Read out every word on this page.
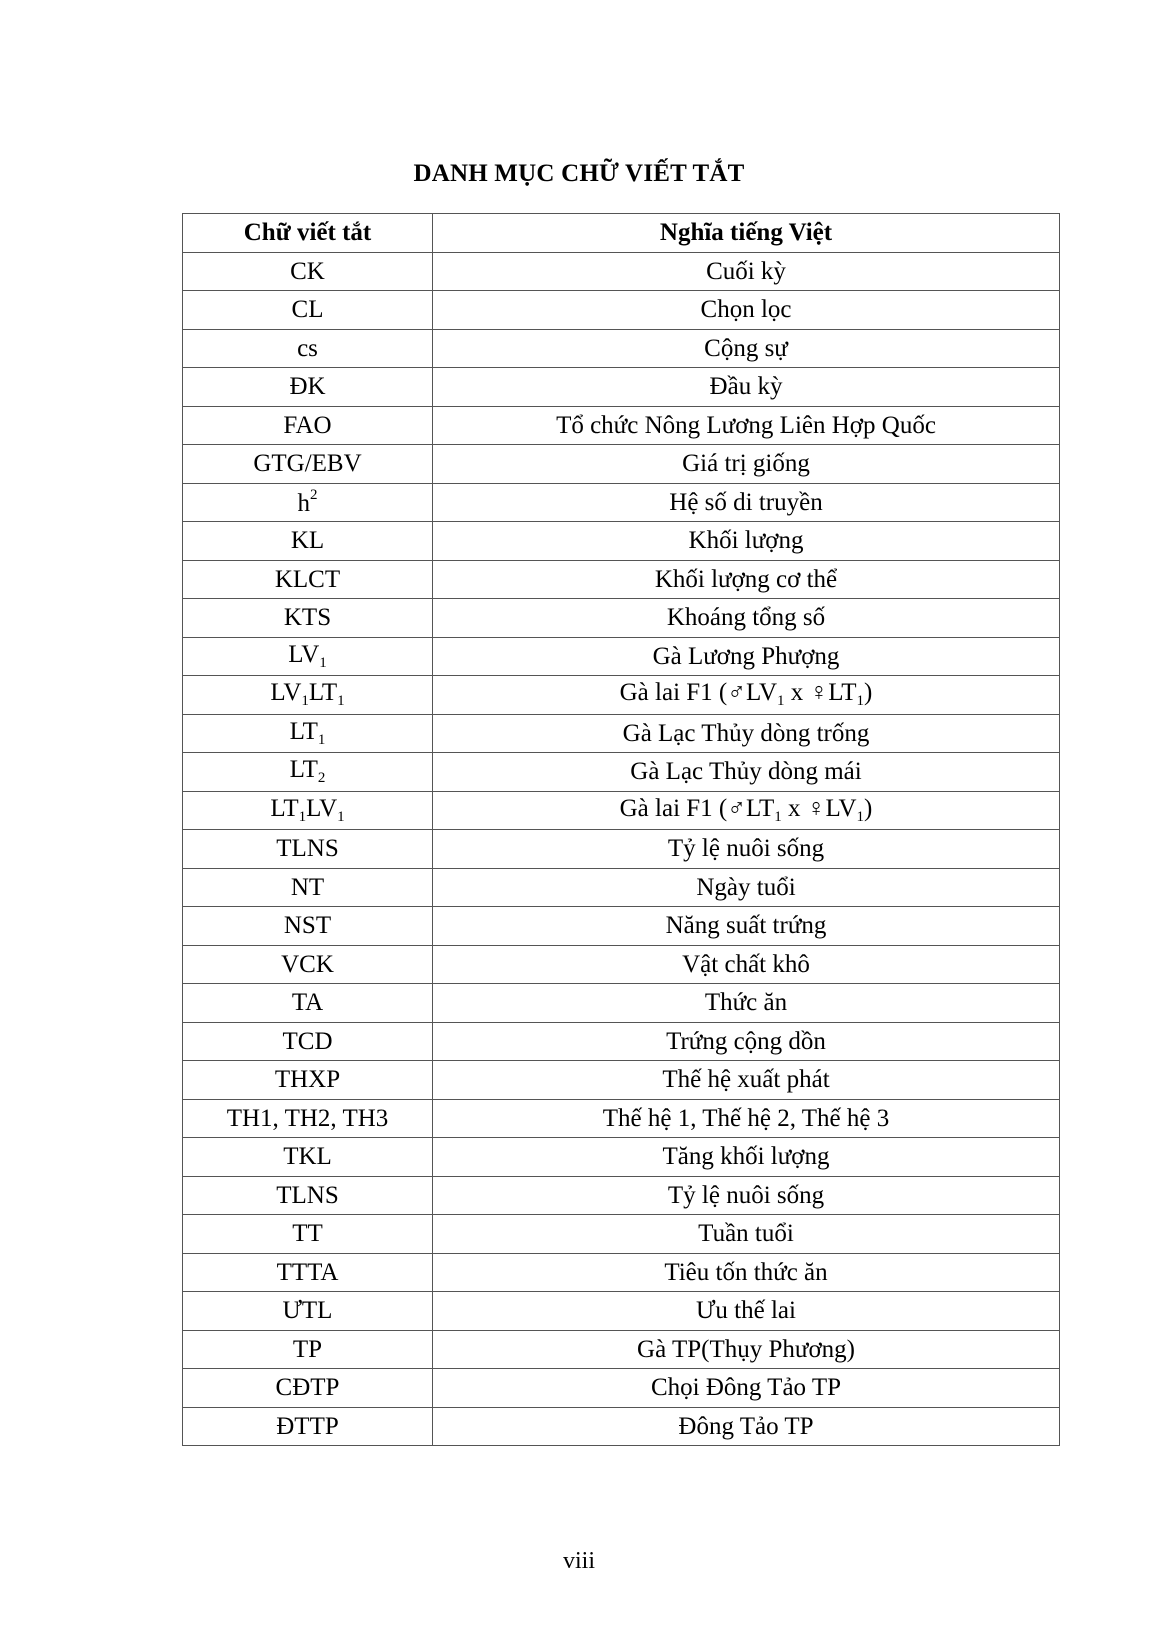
DANH MỤC CHỮ VIẾT TẮT
Chữ viết tắt	Nghĩa tiếng Việt
CK	Cuối kỳ
CL	Chọn lọc
cs	Cộng sự
ĐK	Đầu kỳ
FAO	Tổ chức Nông Lương Liên Hợp Quốc
GTG/EBV	Giá trị giống
$h^2$	Hệ số di truyền
KL	Khối lượng
KLCT	Khối lượng cơ thể
KTS	Khoáng tổng số
$LV_1$	Gà Lương Phượng
$LV_1LT_1$	Gà lai F1 ($♂LV_1$ x $♀LT_1$)
$LT_1$	Gà Lạc Thủy dòng trống
$LT_2$	Gà Lạc Thủy dòng mái
$LT_1LV_1$	Gà lai F1 ($♂LT_1$ x $♀LV_1$)
TLNS	Tỷ lệ nuôi sống
NT	Ngày tuổi
NST	Năng suất trứng
VCK	Vật chất khô
TA	Thức ăn
TCD	Trứng cộng dồn
THXP	Thế hệ xuất phát
TH1, TH2, TH3	Thế hệ 1, Thế hệ 2, Thế hệ 3
TKL	Tăng khối lượng
TLNS	Tỷ lệ nuôi sống
TT	Tuần tuổi
TTTA	Tiêu tốn thức ăn
ƯTL	Ưu thế lai
TP	Gà TP(Thụy Phương)
CĐTP	Chọi Đông Tảo TP
ĐTTP	Đông Tảo TP
viii
